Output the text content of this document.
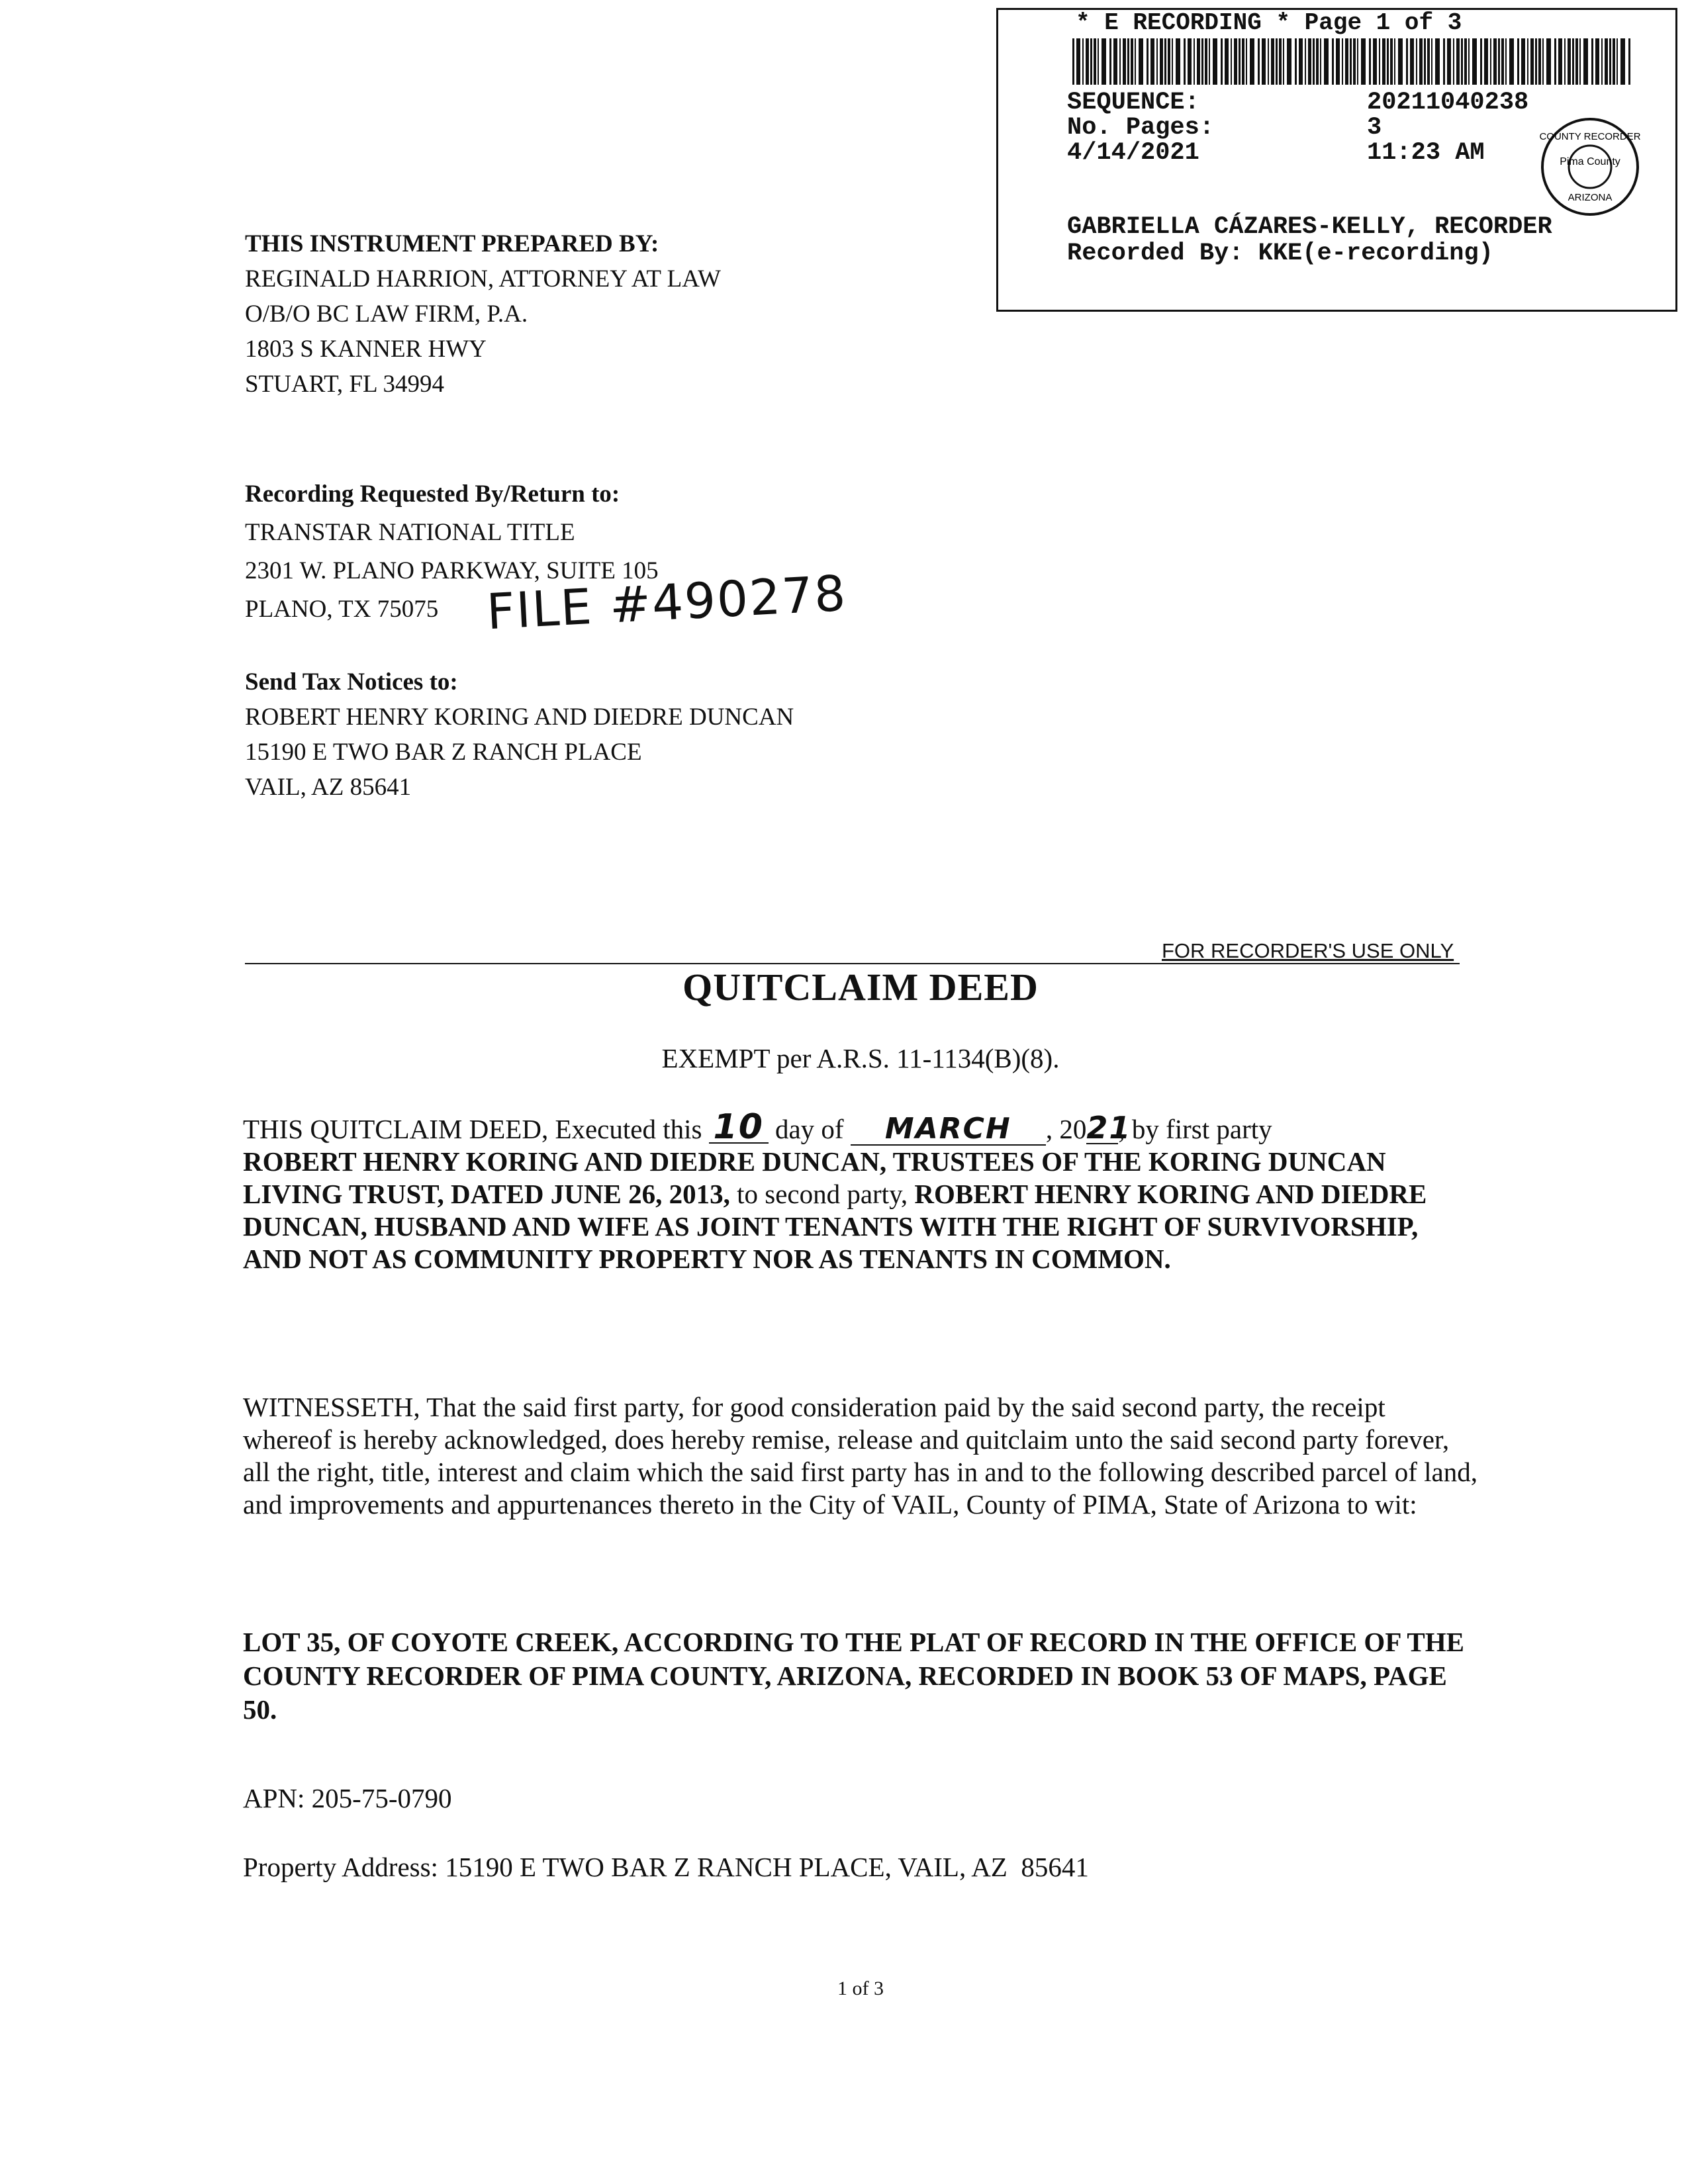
* E RECORDING * Page 1 of 3
SEQUENCE:	20211040238
No. Pages:	3
4/14/2021	11:23 AM	Pima County
COUNTY RECORDER
ARIZONA
GABRIELLA CÁZARES-KELLY, RECORDER
Recorded By: KKE(e-recording)
THIS INSTRUMENT PREPARED BY:
REGINALD HARRION, ATTORNEY AT LAW
O/B/O BC LAW FIRM, P.A.
1803 S KANNER HWY
STUART, FL 34994
Recording Requested By/Return to:
TRANSTAR NATIONAL TITLE
2301 W. PLANO PARKWAY, SUITE 105
PLANO, TX 75075 FILE #490278
Send Tax Notices to:
ROBERT HENRY KORING AND DIEDRE DUNCAN
15190 E TWO BAR Z RANCH PLACE
VAIL, AZ 85641
FOR RECORDER'S USE ONLY
QUITCLAIM DEED
EXEMPT per A.R.S. 11-1134(B)(8).
THIS QUITCLAIM DEED, Executed this 10 day of MARCH , 2021, by first party
ROBERT HENRY KORING AND DIEDRE DUNCAN, TRUSTEES OF THE KORING DUNCAN LIVING TRUST, DATED JUNE 26, 2013, to second party, ROBERT HENRY KORING AND DIEDRE DUNCAN, HUSBAND AND WIFE AS JOINT TENANTS WITH THE RIGHT OF SURVIVORSHIP, AND NOT AS COMMUNITY PROPERTY NOR AS TENANTS IN COMMON.
WITNESSETH, That the said first party, for good consideration paid by the said second party, the receipt whereof is hereby acknowledged, does hereby remise, release and quitclaim unto the said second party forever, all the right, title, interest and claim which the said first party has in and to the following described parcel of land, and improvements and appurtenances thereto in the City of VAIL, County of PIMA, State of Arizona to wit:
LOT 35, OF COYOTE CREEK, ACCORDING TO THE PLAT OF RECORD IN THE OFFICE OF THE COUNTY RECORDER OF PIMA COUNTY, ARIZONA, RECORDED IN BOOK 53 OF MAPS, PAGE 50.
APN: 205-75-0790
Property Address: 15190 E TWO BAR Z RANCH PLACE, VAIL, AZ  85641
1 of 3
